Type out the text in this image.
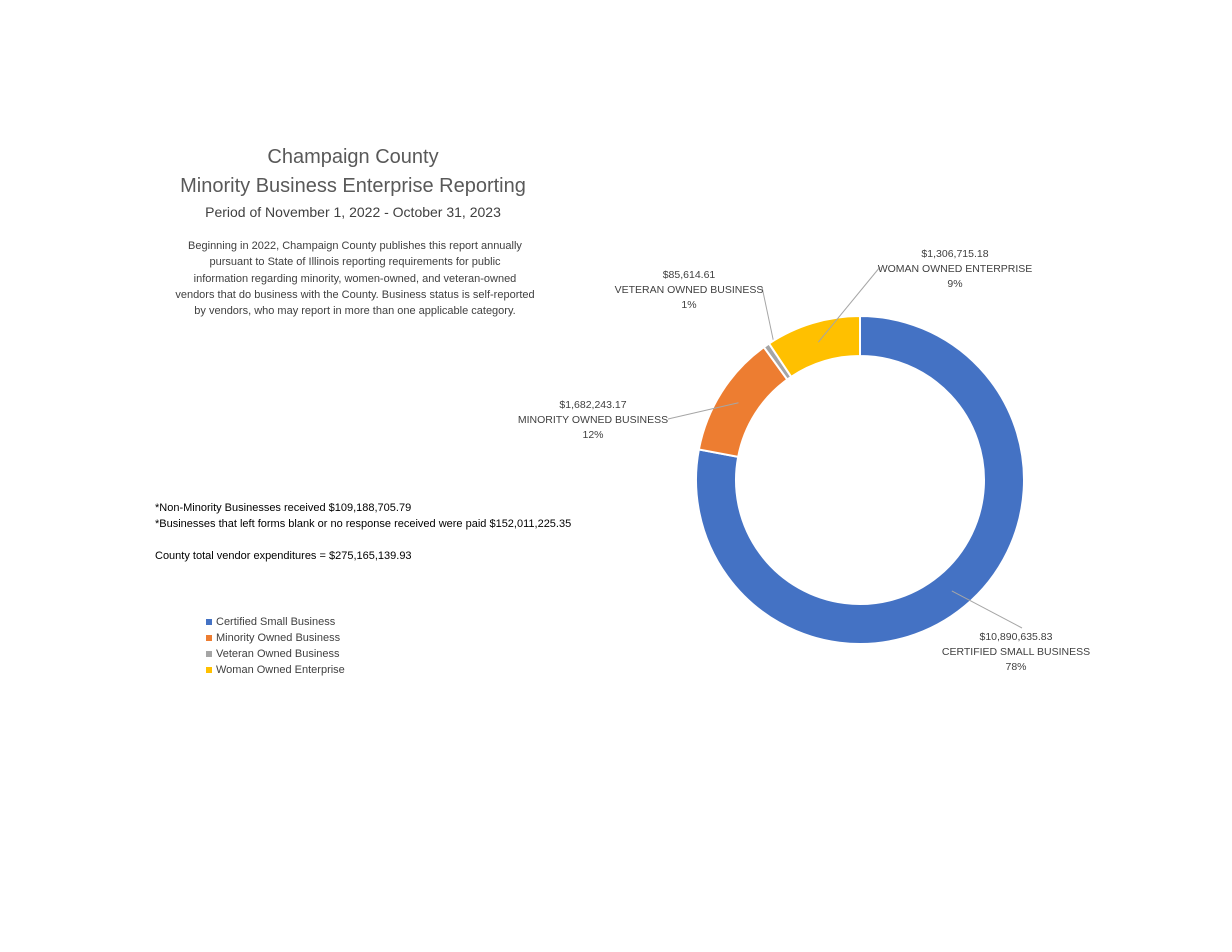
Champaign County
Minority Business Enterprise Reporting
Period of November 1, 2022 - October 31, 2023
Beginning in 2022, Champaign County publishes this report annually
pursuant to State of Illinois reporting requirements for public
information regarding minority, women-owned, and veteran-owned
vendors that do business with the County. Business status is self-reported
by vendors, who may report in more than one applicable category.
*Non-Minority Businesses received $109,188,705.79
*Businesses that left forms blank or no response received were paid $152,011,225.35
County total vendor expenditures = $275,165,139.93
Certified Small Business
Minority Owned Business
Veteran Owned Business
Woman Owned Enterprise
$10,890,635.83
CERTIFIED SMALL BUSINESS
78%
$1,682,243.17
MINORITY OWNED BUSINESS
12%
$85,614.61
VETERAN OWNED BUSINESS
1%
$1,306,715.18
WOMAN OWNED ENTERPRISE
9%
